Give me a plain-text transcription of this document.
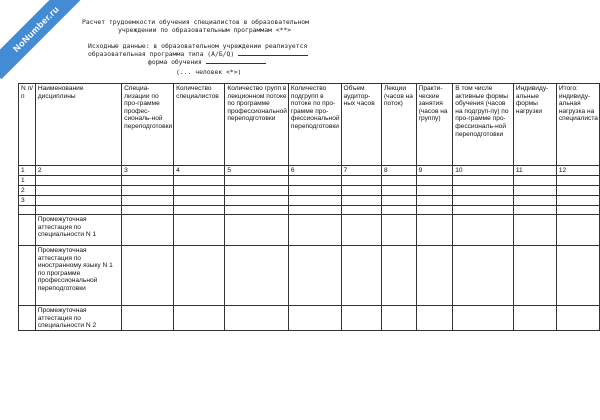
NoNumber.ru	Расчет трудоемкости обучения специалистов в образовательном
учреждении по образовательным программам <**>
Исходные данные: в образовательном учреждении реализуется
образовательная программа типа (А/Б/Q)
форма обучения
(... человек <*>)
N п/п	Наименование дисциплины	Специа-лизации по про-грамме профес-сиональ-ной переподготовки	Количество специалистов	Количество групп в лекционном потоке по программе профессиональной переподготовки	Количество подгрупп в потоке по про-грамме про-фессиональной переподготовки	Объем аудитор-ных часов	Лекции (часов на поток)	Практи-ческие занятия (часов на группу)	В том числе активные формы обучения (часов на подгруп-пу) по про-грамме про-фессиональ-ной переподготовки	Индивиду-альные формы нагрузки	Итого: индивиду-альная нагрузка на специалиста
1	2	3	4	5	6	7	8	9	10	11	12
1											
2											
3											

	Промежуточная аттестация по специальности N 1										
	Промежуточная аттестация по иностранному языку N 1 по программе профессиональной переподготовки										
	Промежуточная аттестация по специальности N 2										
